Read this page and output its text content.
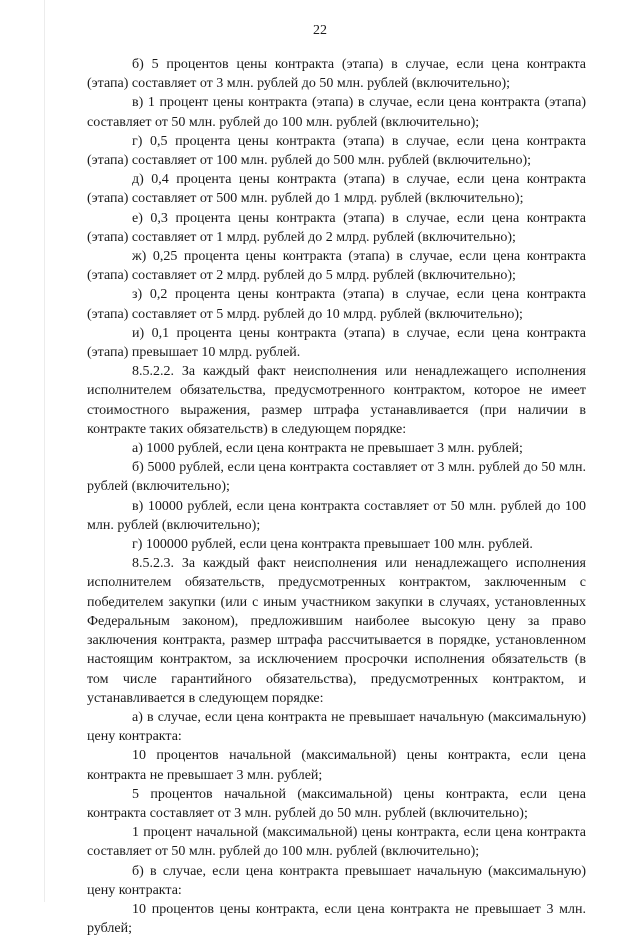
22

б) 5 процентов цены контракта (этапа) в случае, если цена контракта (этапа) составляет от 3 млн. рублей до 50 млн. рублей (включительно);

в) 1 процент цены контракта (этапа) в случае, если цена контракта (этапа) составляет от 50 млн. рублей до 100 млн. рублей (включительно);

г) 0,5 процента цены контракта (этапа) в случае, если цена контракта (этапа) составляет от 100 млн. рублей до 500 млн. рублей (включительно);

д) 0,4 процента цены контракта (этапа) в случае, если цена контракта (этапа) составляет от 500 млн. рублей до 1 млрд. рублей (включительно);

е) 0,3 процента цены контракта (этапа) в случае, если цена контракта (этапа) составляет от 1 млрд. рублей до 2 млрд. рублей (включительно);

ж) 0,25 процента цены контракта (этапа) в случае, если цена контракта (этапа) составляет от 2 млрд. рублей до 5 млрд. рублей (включительно);

з) 0,2 процента цены контракта (этапа) в случае, если цена контракта (этапа) составляет от 5 млрд. рублей до 10 млрд. рублей (включительно);

и) 0,1 процента цены контракта (этапа) в случае, если цена контракта (этапа) превышает 10 млрд. рублей.

8.5.2.2. За каждый факт неисполнения или ненадлежащего исполнения исполнителем обязательства, предусмотренного контрактом, которое не имеет стоимостного выражения, размер штрафа устанавливается (при наличии в контракте таких обязательств) в следующем порядке:

а) 1000 рублей, если цена контракта не превышает 3 млн. рублей;

б) 5000 рублей, если цена контракта составляет от 3 млн. рублей до 50 млн. рублей (включительно);

в) 10000 рублей, если цена контракта составляет от 50 млн. рублей до 100 млн. рублей (включительно);

г) 100000 рублей, если цена контракта превышает 100 млн. рублей.

8.5.2.3. За каждый факт неисполнения или ненадлежащего исполнения исполнителем обязательств, предусмотренных контрактом, заключенным с победителем закупки (или с иным участником закупки в случаях, установленных Федеральным законом), предложившим наиболее высокую цену за право заключения контракта, размер штрафа рассчитывается в порядке, установленном настоящим контрактом, за исключением просрочки исполнения обязательств (в том числе гарантийного обязательства), предусмотренных контрактом, и устанавливается в следующем порядке:

а) в случае, если цена контракта не превышает начальную (максимальную) цену контракта:

10 процентов начальной (максимальной) цены контракта, если цена контракта не превышает 3 млн. рублей;

5 процентов начальной (максимальной) цены контракта, если цена контракта составляет от 3 млн. рублей до 50 млн. рублей (включительно);

1 процент начальной (максимальной) цены контракта, если цена контракта составляет от 50 млн. рублей до 100 млн. рублей (включительно);

б) в случае, если цена контракта превышает начальную (максимальную) цену контракта:

10 процентов цены контракта, если цена контракта не превышает 3 млн. рублей;
